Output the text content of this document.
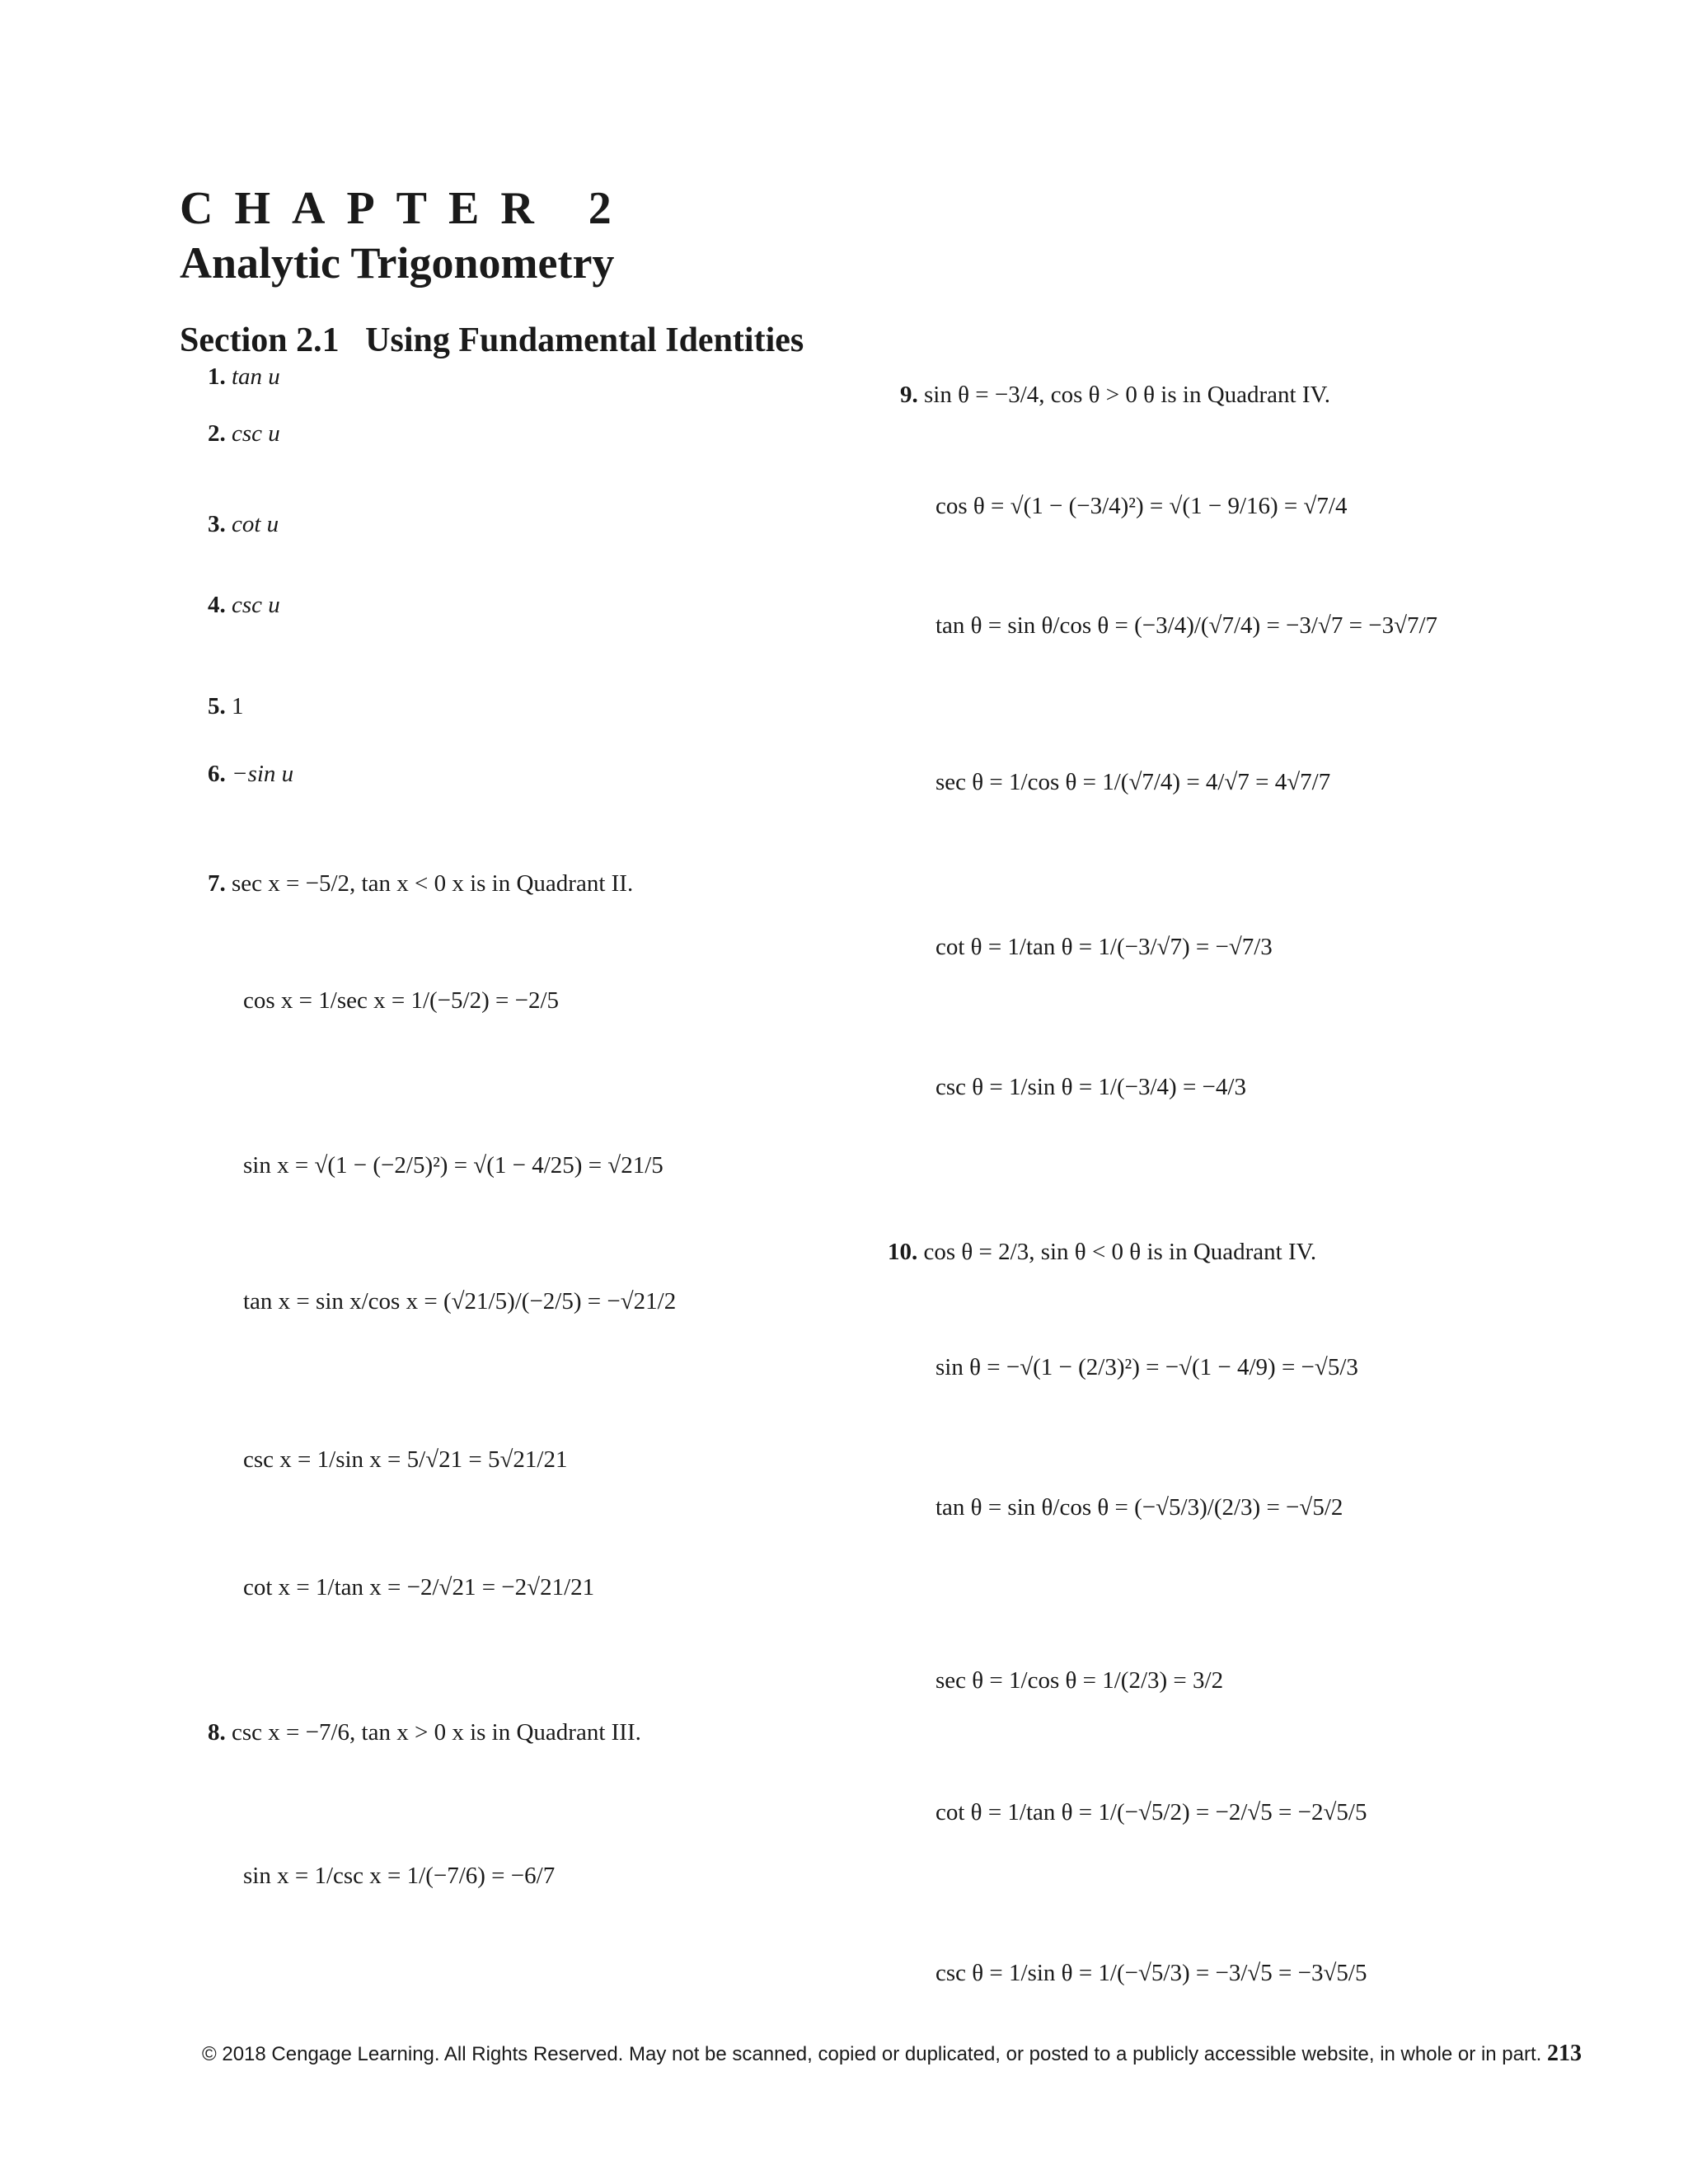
CHAPTER 2
Analytic Trigonometry
Section 2.1   Using Fundamental Identities
1. tan u
2. csc u
3. cot u
4. csc u
5. 1
6. −sin u
7. sec x = −5/2, tan x < 0 x is in Quadrant II.
cos x = 1/sec x = 1/(−5/2) = −2/5
sin x = √(1 − (−2/5)²) = √(1 − 4/25) = √21/5
tan x = sin x/cos x = (√21/5)/(−2/5) = −√21/2
csc x = 1/sin x = 5/√21 = 5√21/21
cot x = 1/tan x = −2/√21 = −2√21/21
8. csc x = −7/6, tan x > 0 x is in Quadrant III.
sin x = 1/csc x = 1/(−7/6) = −6/7
9. sin θ = −3/4, cos θ > 0 θ is in Quadrant IV.
cos θ = √(1 − (−3/4)²) = √(1 − 9/16) = √7/4
tan θ = sin θ/cos θ = (−3/4)/(√7/4) = −3/√7 = −3√7/7
sec θ = 1/cos θ = 1/(√7/4) = 4/√7 = 4√7/7
cot θ = 1/tan θ = 1/(−3/√7) = −√7/3
csc θ = 1/sin θ = 1/(−3/4) = −4/3
10. cos θ = 2/3, sin θ < 0 θ is in Quadrant IV.
sin θ = −√(1 − (2/3)²) = −√(1 − 4/9) = −√5/3
tan θ = sin θ/cos θ = (−√5/3)/(2/3) = −√5/2
sec θ = 1/cos θ = 1/(2/3) = 3/2
cot θ = 1/tan θ = 1/(−√5/2) = −2/√5 = −2√5/5
csc θ = 1/sin θ = 1/(−√5/3) = −3/√5 = −3√5/5
© 2018 Cengage Learning. All Rights Reserved. May not be scanned, copied or duplicated, or posted to a publicly accessible website, in whole or in part. 213
